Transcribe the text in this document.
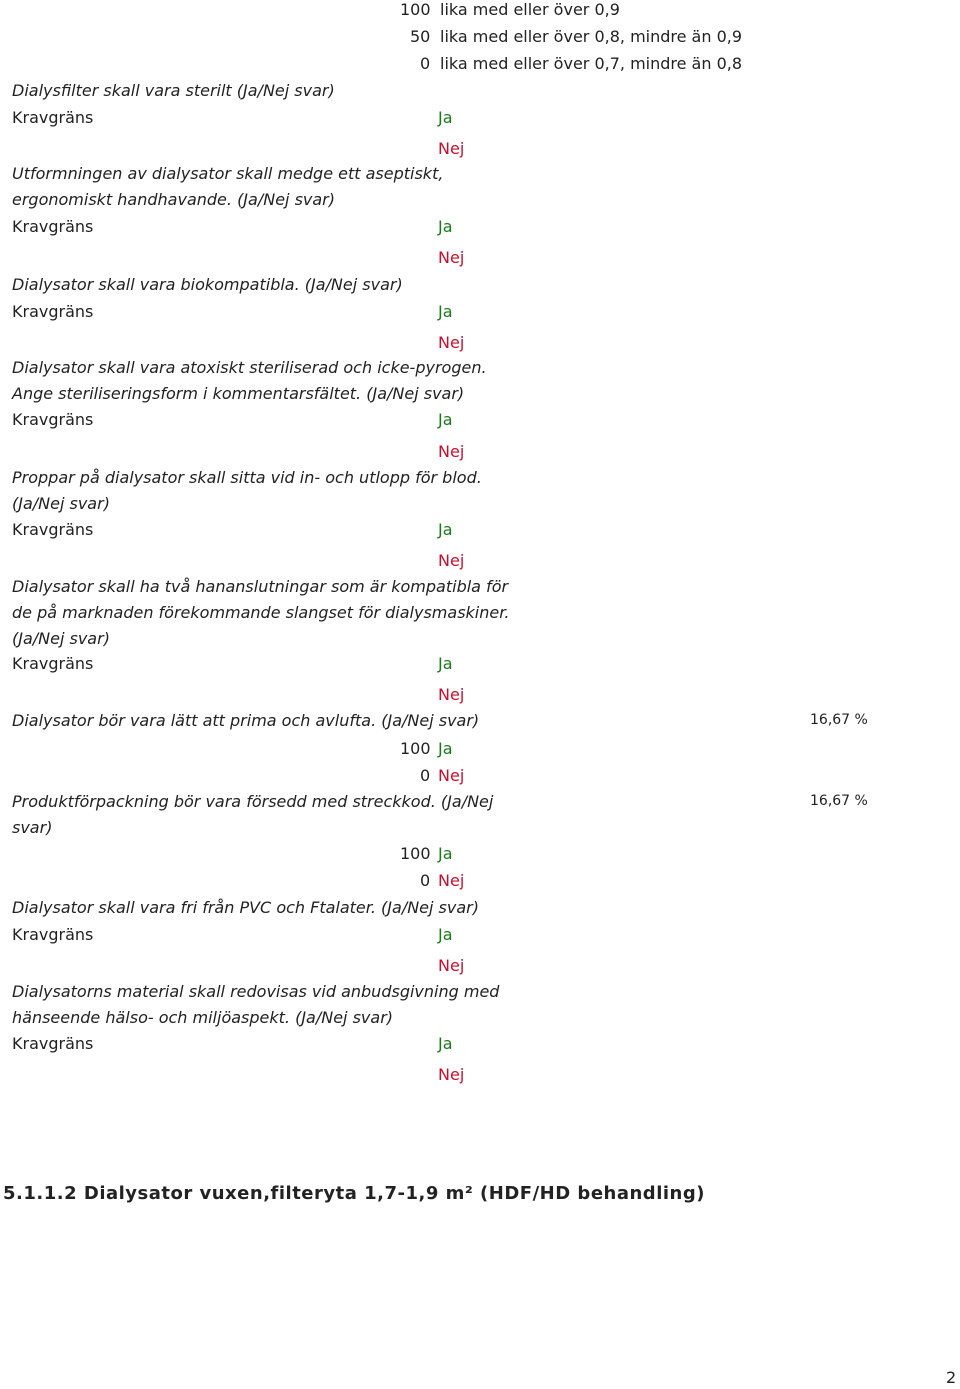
100 lika med eller över 0,9
50 lika med eller över 0,8, mindre än 0,9
0 lika med eller över 0,7, mindre än 0,8
Dialysfilter skall vara sterilt (Ja/Nej svar)
Kravgräns	Ja
Nej
Utformningen av dialysator skall medge ett aseptiskt, ergonomiskt handhavande. (Ja/Nej svar)
Kravgräns	Ja
Nej
Dialysator skall vara biokompatibla. (Ja/Nej svar)
Kravgräns	Ja
Nej
Dialysator skall vara atoxiskt steriliserad och icke-pyrogen. Ange steriliseringsform i kommentarsfältet. (Ja/Nej svar)
Kravgräns	Ja
Nej
Proppar på dialysator skall sitta vid in- och utlopp för blod. (Ja/Nej svar)
Kravgräns	Ja
Nej
Dialysator skall ha två hananslutningar som är kompatibla för de på marknaden förekommande slangset för dialysmaskiner. (Ja/Nej svar)
Kravgräns	Ja
Nej
Dialysator bör vara lätt att prima och avlufta. (Ja/Nej svar)	16,67 %
100 Ja
0 Nej
Produktförpackning bör vara försedd med streckkod. (Ja/Nej svar)
16,67 %
100 Ja
0 Nej
Dialysator skall vara fri från PVC och Ftalater. (Ja/Nej svar)
Kravgräns	Ja
Nej
Dialysatorns material skall redovisas vid anbudsgivning med hänseende hälso- och miljöaspekt. (Ja/Nej svar)
Kravgräns	Ja
Nej
5.1.1.2 Dialysator vuxen,filteryta 1,7-1,9 m² (HDF/HD behandling)
2
